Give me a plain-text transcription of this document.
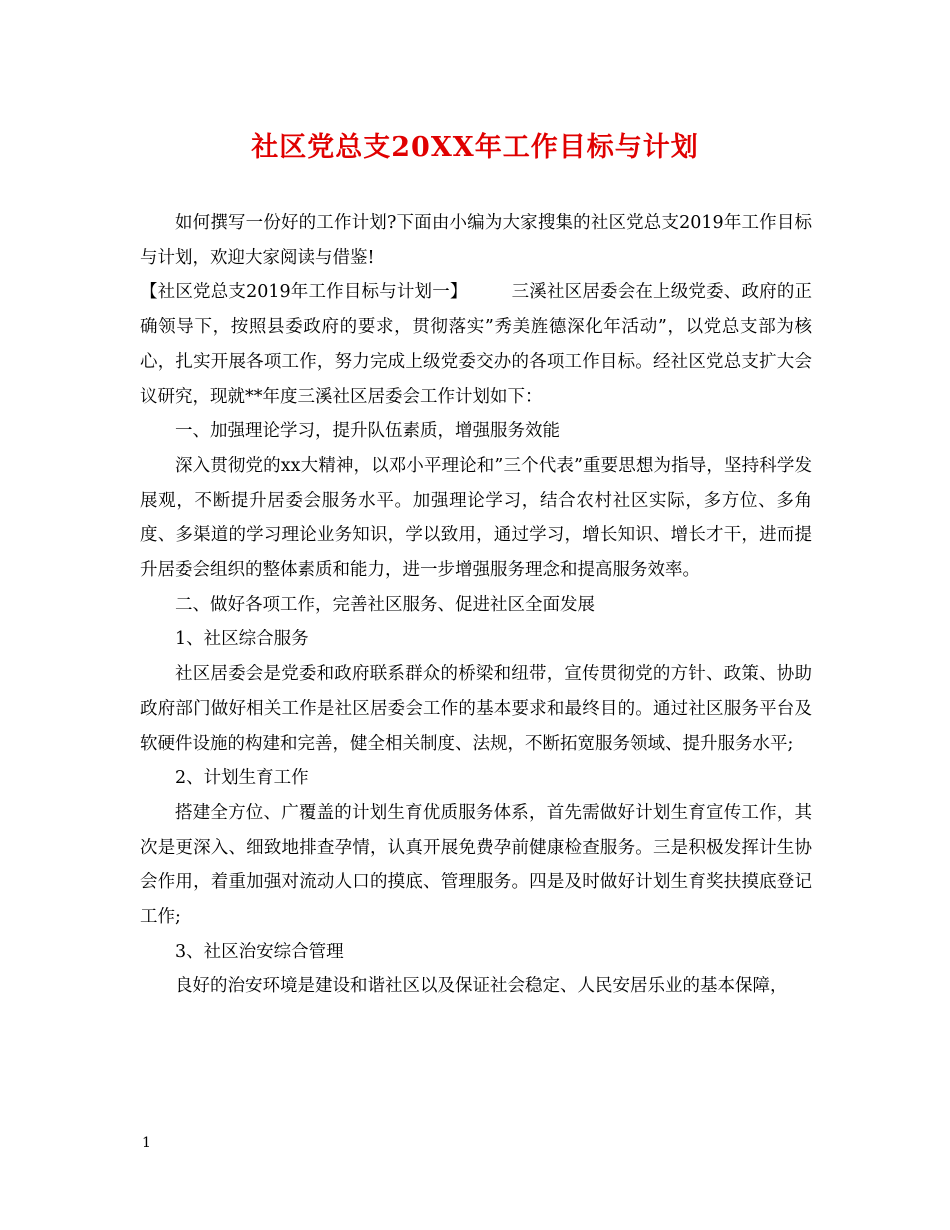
社区党总支20XX年工作目标与计划

如何撰写一份好的工作计划?下面由小编为大家搜集的社区党总支2019年工作目标与计划，欢迎大家阅读与借鉴!

【社区党总支2019年工作目标与计划一】	三溪社区居委会在上级党委、政府的正确领导下，按照县委政府的要求，贯彻落实”秀美旌德深化年活动”，以党总支部为核心，扎实开展各项工作，努力完成上级党委交办的各项工作目标。经社区党总支扩大会议研究，现就**年度三溪社区居委会工作计划如下：

一、加强理论学习，提升队伍素质，增强服务效能

深入贯彻党的xx大精神，以邓小平理论和”三个代表”重要思想为指导，坚持科学发展观，不断提升居委会服务水平。加强理论学习，结合农村社区实际，多方位、多角度、多渠道的学习理论业务知识，学以致用，通过学习，增长知识、增长才干，进而提升居委会组织的整体素质和能力，进一步增强服务理念和提高服务效率。

二、做好各项工作，完善社区服务、促进社区全面发展

1、社区综合服务

社区居委会是党委和政府联系群众的桥梁和纽带，宣传贯彻党的方针、政策、协助政府部门做好相关工作是社区居委会工作的基本要求和最终目的。通过社区服务平台及软硬件设施的构建和完善，健全相关制度、法规，不断拓宽服务领域、提升服务水平;

2、计划生育工作

搭建全方位、广覆盖的计划生育优质服务体系，首先需做好计划生育宣传工作，其次是更深入、细致地排查孕情，认真开展免费孕前健康检查服务。三是积极发挥计生协会作用，着重加强对流动人口的摸底、管理服务。四是及时做好计划生育奖扶摸底登记工作;

3、社区治安综合管理

良好的治安环境是建设和谐社区以及保证社会稳定、人民安居乐业的基本保障，

1
